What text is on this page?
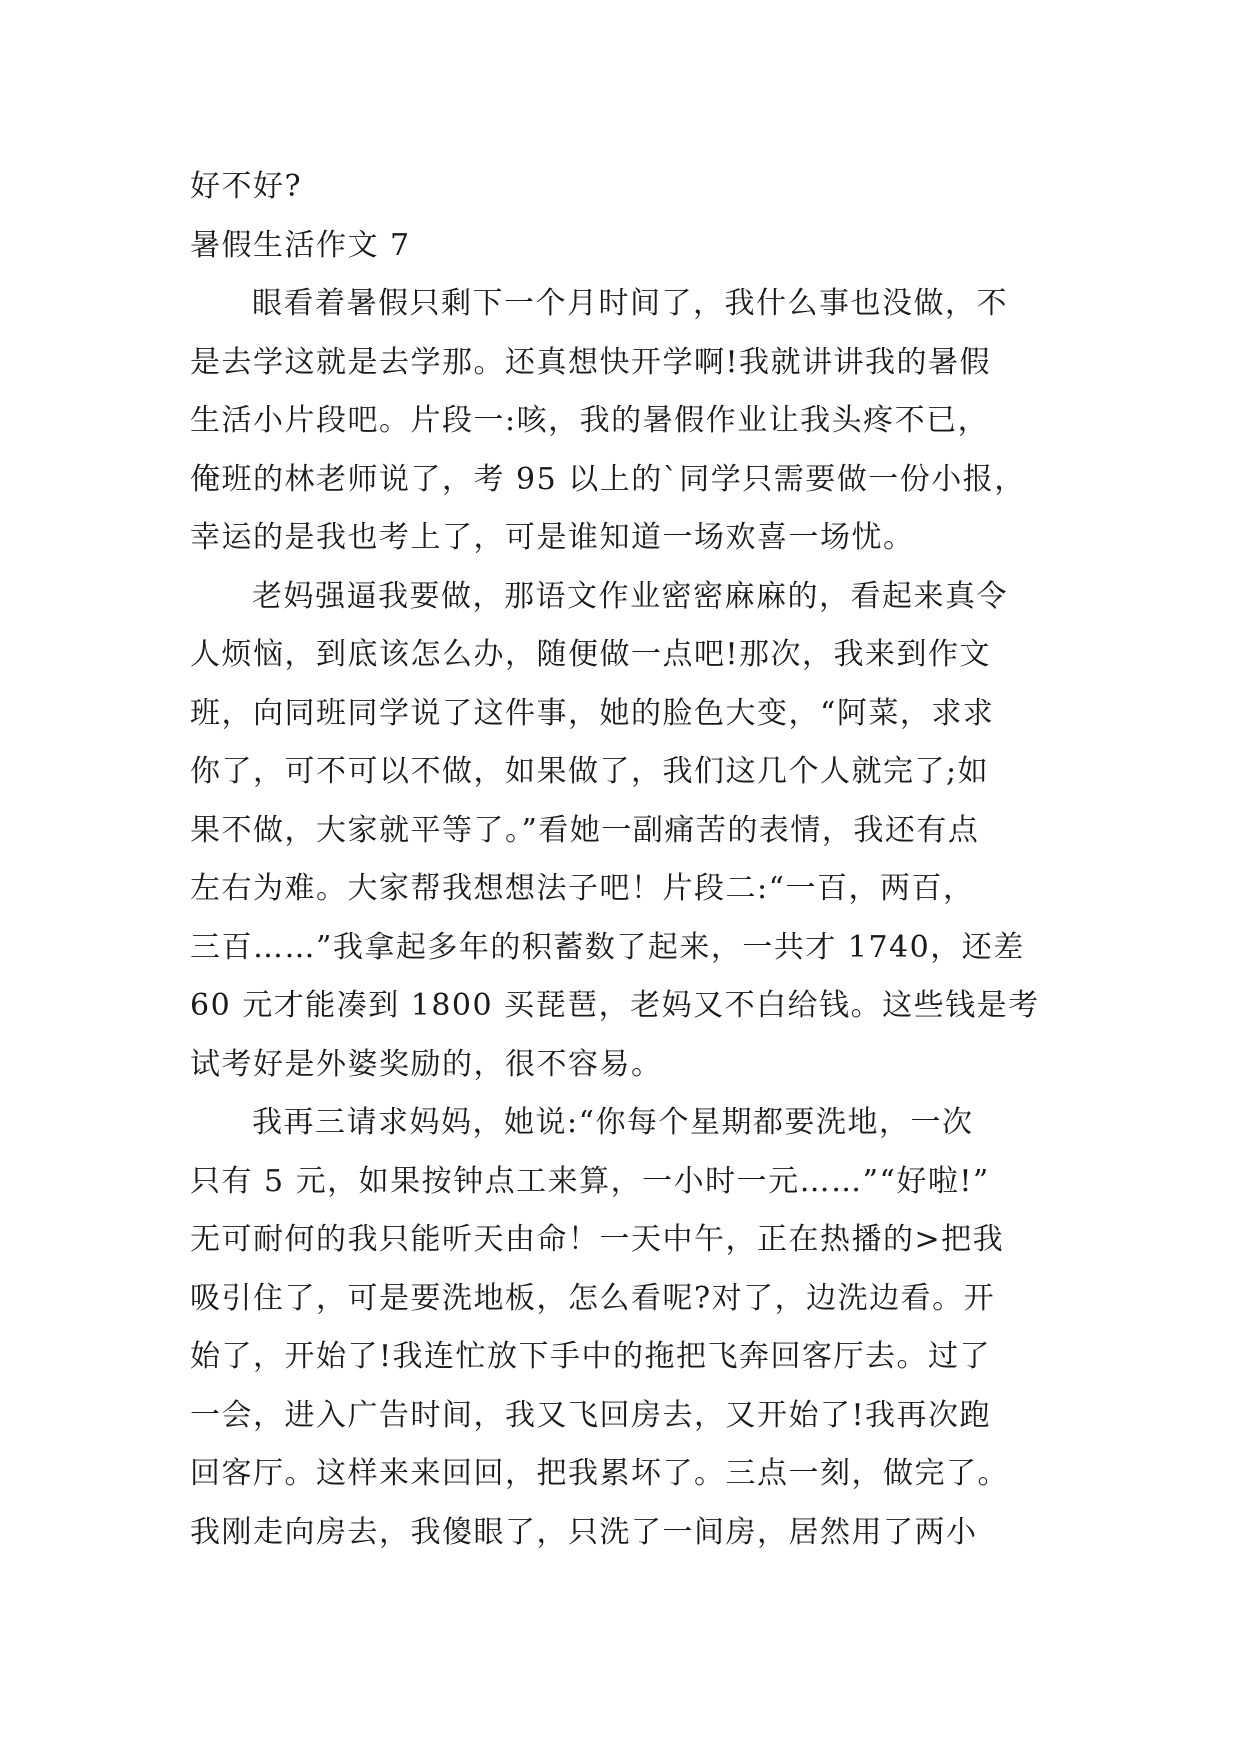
好不好?
暑假生活作文 7
眼看着暑假只剩下一个月时间了，我什么事也没做，不
是去学这就是去学那。还真想快开学啊!我就讲讲我的暑假
生活小片段吧。片段一:咳，我的暑假作业让我头疼不已，
俺班的林老师说了，考 95 以上的`同学只需要做一份小报，
幸运的是我也考上了，可是谁知道一场欢喜一场忧。
老妈强逼我要做，那语文作业密密麻麻的，看起来真令
人烦恼，到底该怎么办，随便做一点吧!那次，我来到作文
班，向同班同学说了这件事，她的脸色大变，“阿菜，求求
你了，可不可以不做，如果做了，我们这几个人就完了;如
果不做，大家就平等了。”看她一副痛苦的表情，我还有点
左右为难。大家帮我想想法子吧！片段二:“一百，两百，
三百……”我拿起多年的积蓄数了起来，一共才 1740，还差
60 元才能凑到 1800 买琵琶，老妈又不白给钱。这些钱是考
试考好是外婆奖励的，很不容易。
我再三请求妈妈，她说:“你每个星期都要洗地，一次
只有 5 元，如果按钟点工来算，一小时一元……”“好啦!”
无可耐何的我只能听天由命！一天中午，正在热播的>把我
吸引住了，可是要洗地板，怎么看呢?对了，边洗边看。开
始了，开始了!我连忙放下手中的拖把飞奔回客厅去。过了
一会，进入广告时间，我又飞回房去，又开始了!我再次跑
回客厅。这样来来回回，把我累坏了。三点一刻，做完了。
我刚走向房去，我傻眼了，只洗了一间房，居然用了两小
